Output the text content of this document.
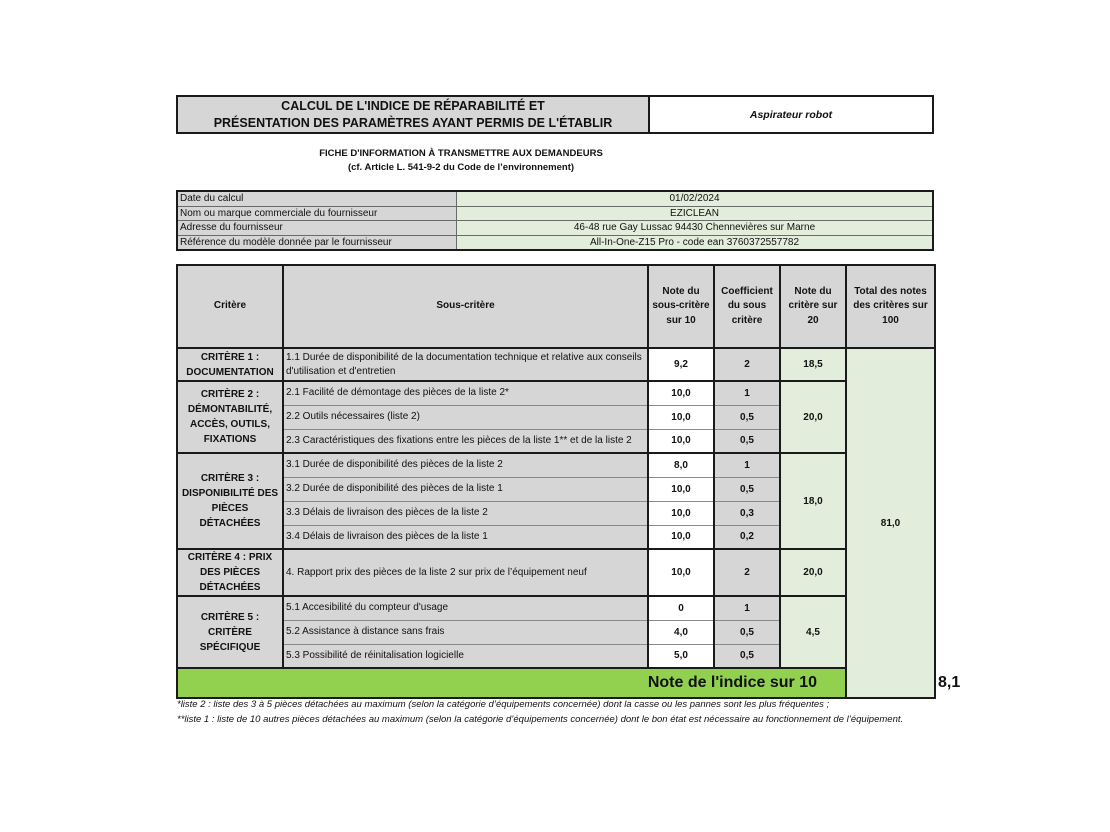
CALCUL DE L'INDICE DE RÉPARABILITÉ ET
PRÉSENTATION DES PARAMÈTRES AYANT PERMIS DE L'ÉTABLIR
Aspirateur robot
FICHE D'INFORMATION À TRANSMETTRE AUX DEMANDEURS
(cf. Article L. 541-9-2 du Code de l’environnement)
Date du calcul	01/02/2024
Nom ou marque commerciale du fournisseur	EZICLEAN
Adresse du fournisseur	46-48 rue Gay Lussac 94430 Chennevières sur Marne
Référence du modèle donnée par le fournisseur	All-In-One-Z15 Pro - code ean 3760372557782
Critère	Sous-critère	Note du sous-critère sur 10	Coefficient du sous critère	Note du critère sur 20	Total des notes des critères sur 100	
CRITÈRE 1 : DOCUMENTATION	1.1 Durée de disponibilité de la documentation technique et relative aux conseils d'utilisation et d'entretien	9,2	2	18,5	81,0	
CRITÈRE 2 : DÉMONTABILITÉ, ACCÈS, OUTILS, FIXATIONS	2.1 Facilité de démontage des pièces de la liste 2*	10,0	1	20,0		
	2.2 Outils nécessaires (liste 2)	10,0	0,5			
	2.3 Caractéristiques des fixations entre les pièces de la liste 1** et de la liste 2	10,0	0,5			
CRITÈRE 3 : DISPONIBILITÉ DES PIÈCES DÉTACHÉES	3.1 Durée de disponibilité des pièces de la liste 2	8,0	1	18,0		
	3.2 Durée de disponibilité des pièces de la liste 1	10,0	0,5			
	3.3 Délais de livraison des pièces de la liste 2	10,0	0,3			
	3.4 Délais de livraison des pièces de la liste 1	10,0	0,2			
CRITÈRE 4 : PRIX DES PIÈCES DÉTACHÉES	4. Rapport prix des pièces de la liste 2 sur prix de l’équipement neuf	10,0	2	20,0		
CRITÈRE 5 : CRITÈRE SPÉCIFIQUE	5.1 Accesibilité du compteur d'usage	0	1	4,5		
	5.2 Assistance à distance sans frais	4,0	0,5			
	5.3 Possibilité de réinitalisation logicielle	5,0	0,5			
Note de l'indice sur 10						8,1
*liste 2 : liste des 3 à 5 pièces détachées au maximum (selon la catégorie d’équipements concernée) dont la casse ou les pannes sont les plus fréquentes ;
**liste 1 : liste de 10 autres pièces détachées au maximum (selon la catégorie d’équipements concernée) dont le bon état est nécessaire au fonctionnement de l’équipement.
